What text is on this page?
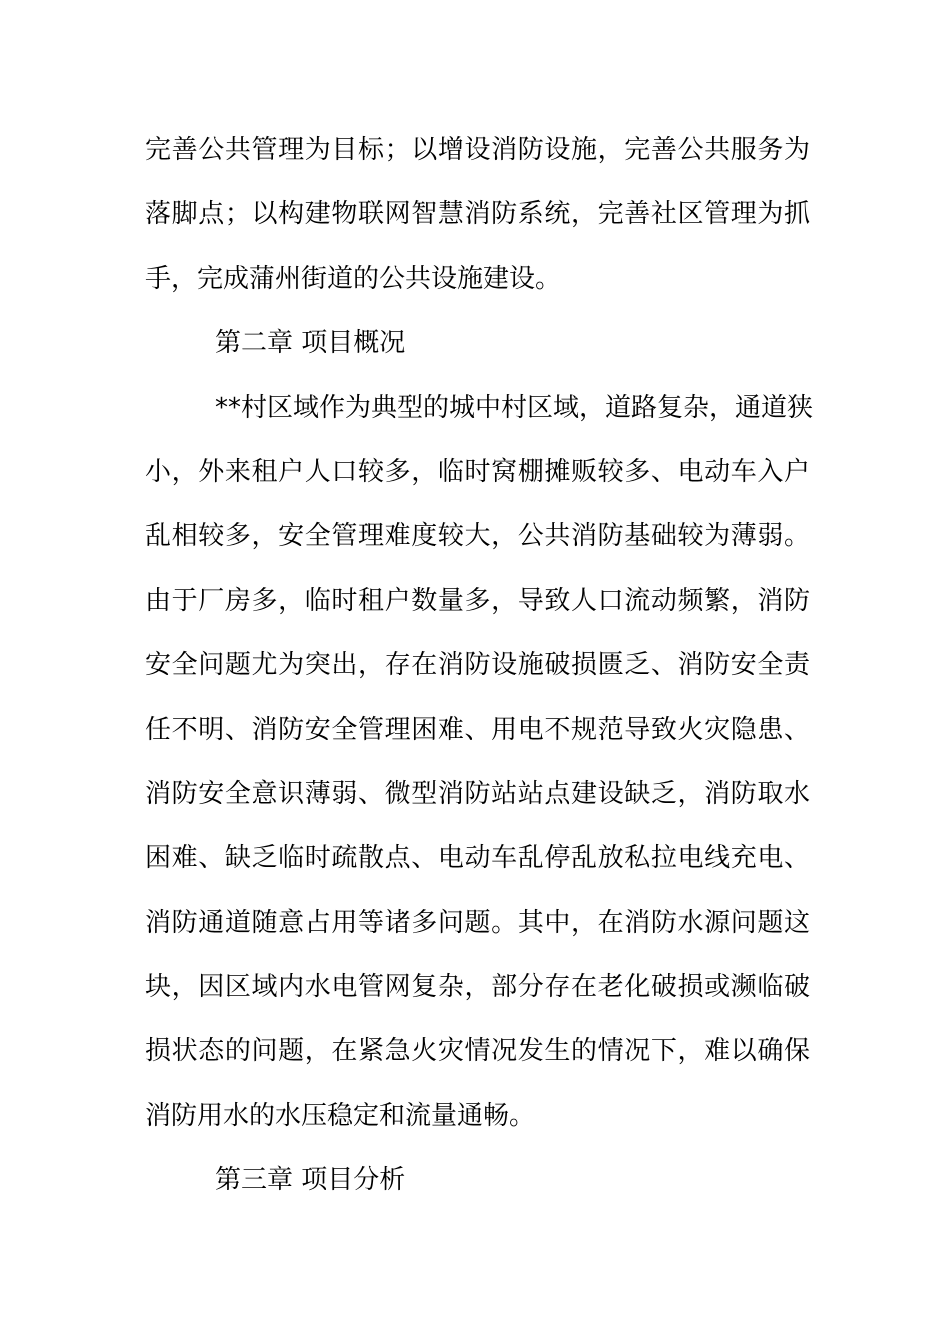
完善公共管理为目标；以增设消防设施，完善公共服务为
落脚点；以构建物联网智慧消防系统，完善社区管理为抓
手，完成蒲州街道的公共设施建设。
第二章 项目概况
**村区域作为典型的城中村区域，道路复杂，通道狭
小，外来租户人口较多，临时窝棚摊贩较多、电动车入户
乱相较多，安全管理难度较大，公共消防基础较为薄弱。
由于厂房多，临时租户数量多，导致人口流动频繁，消防
安全问题尤为突出，存在消防设施破损匮乏、消防安全责
任不明、消防安全管理困难、用电不规范导致火灾隐患、
消防安全意识薄弱、微型消防站站点建设缺乏，消防取水
困难、缺乏临时疏散点、电动车乱停乱放私拉电线充电、
消防通道随意占用等诸多问题。其中，在消防水源问题这
块，因区域内水电管网复杂，部分存在老化破损或濒临破
损状态的问题，在紧急火灾情况发生的情况下，难以确保
消防用水的水压稳定和流量通畅。
第三章 项目分析
